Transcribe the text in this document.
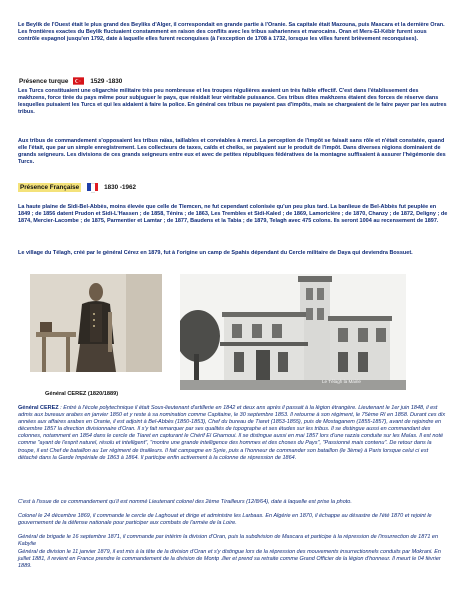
Le Beylik de l'Ouest était le plus grand des Beyliks d'Alger, il correspondait en grande partie à l'Oranie. Sa capitale était Mazouna, puis Mascara et la dernière Oran. Les frontières exactes du Beylik fluctuaient constamment en raison des conflits avec les tribus sahariennes et marocains. Oran et Mers-El-Kébir furent sous contrôle espagnol jusqu'en 1792, date à laquelle elles furent reconquises (à l'exception de 1708 à 1732, lorsque les villes furent brièvement reconquises).

Présence turque	1529 -1830

Les Turcs constituaient une oligarchie militaire très peu nombreuse et les troupes régulières avaient un très faible effectif. C'est dans l'établissement des makhzens, force tirée du pays même pour subjuguer le pays, que résidait leur véritable puissance. Ces tribus dites makhzens étaient des forces de réserve dans lesquelles puisaient les Turcs et qui les aidaient à faire la police. En général ces tribus ne payaient pas d'impôts, mais se chargeaient de le faire payer par les autres tribus.

Aux tribus de commandement s'opposaient les tribus raïas, taillables et corvéables à merci. La perception de l'impôt se faisait sans rôle et n'était constatée, quand elle l'était, que par un simple enregistrement. Les collecteurs de taxes, caïds et cheiks, se payaient sur le produit de l'impôt. Dans diverses régions dominaient de grands seigneurs. Les divisions de ces grands seigneurs entre eux et avec de petites républiques fédératives de la montagne suffisaient à assurer l'hégémonie des Turcs.

Présence Française	1830 -1962

La haute plaine de Sidi-Bel-Abbès, moins élevée que celle de Tlemcen, ne fut cependant colonisée qu'un peu plus tard. La banlieue de Bel-Abbès fut peuplée en 1849 ; de 1856 datent Prudon et Sidi-L'Hassen ; de 1858, Ténira ; de 1863, Les Trembles et Sidi-Kaled ; de 1869, Lamoricière ; de 1870, Chanzy ; de 1872, Deligny ; de 1874, Mercier-Lacombe ; de 1875, Parmentier et Lamtar ; de 1877, Baudens et la Tabia ; de 1879, Telagh avec 475 colons. Ils seront 1004 au recensement de 1897.

Le village du Télagh, créé par le général Cérez en 1879, fut à l'origine un camp de Spahis dépendant du Cercle militaire de Daya qui deviendra Bossuet.

Général CEREZ (1820/1889)
Le Télagh la Mairie

Général CEREZ : Entré à l'école polytechnique il était Sous-lieutenant d'artillerie en 1842 et deux ans après il passait à la légion étrangère. Lieutenant le 1er juin 1848, il est admis aux bureaux arabes en janvier 1850 et y reste à sa nomination comme Capitaine, le 30 septembre 1853. Il retourne à son régiment, le 75ème RI en 1858. Durant ces dix années aux affaires arabes en Oranie, il est adjoint à Bel-Abbès (1850-1853), Chef du bureau de Tiaret (1853-1855), puis de Mostaganem (1855-1857), avant de rejoindre en décembre 1857 la direction divisionnaire d'Oran. Il s'y fait remarquer par ses qualités de topographe et ses études sur les tribus. Il se distingue aussi en commandant des colonnes, notamment en 1854 dans le cercle de Tiaret en capturant le Chérif El Gharnoui. Il se distingue aussi en mai 1857 lors d'une razzia conduite sur les Maïas. Il est noté comme "ayant de l'esprit naturel, résolu et intelligent", "montre une grande intelligence des hommes et des choses du Pays", "Passionné mais contenu". De retour dans la troupe, il est Chef de bataillon au 1er régiment de tirailleurs. Il fait campagne en Syrie, puis a l'honneur de commander son bataillon (le 3ème) à Paris lorsque celui ci est détaché dans la Garde Impériale de 1863 à 1864. Il participe enfin activement à la colonne de répression de 1864.

C'est à l'issue de ce commandement qu'il est nommé Lieutenant colonel des 2ème Tirailleurs (12/8/64), date à laquelle est prise la photo.

Colonel le 24 décembre 1869, il commande le cercle de Laghouat et dirige et administre les Larbaas. En Algérie en 1870, il échappe au désastre de l'été 1870 et rejoint le gouvernement de la défense nationale pour participer aux combats de l'armée de la Loire.

Général de brigade le 16 septembre 1871, il commande par intérim la division d'Oran, puis la subdivision de Mascara et participe à la répression de l'insurrection de 1871 en Kabylie

Général de division le 11 janvier 1879, il est mis à la tête de la division d'Oran et s'y distingue lors de la répression des mouvements insurrectionnels conduits par Mokrani. En juillet 1881, il revient en France prendre le commandement de la division de Montp .llier et prend sa retraite comme Grand Officier de la légion d'honneur. Il meurt le 04 février 1889.
